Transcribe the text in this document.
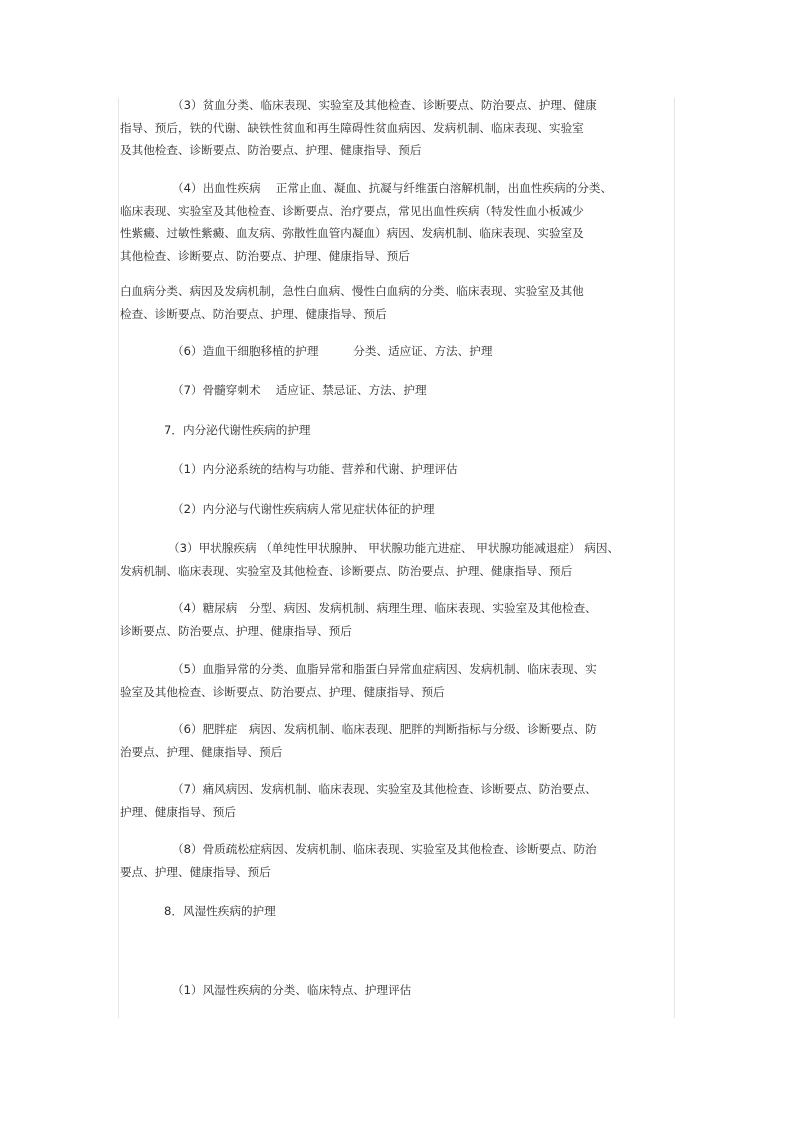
（3）贫血分类、临床表现、实验室及其他检查、诊断要点、防治要点、护理、健康
指导、预后，铁的代谢、缺铁性贫血和再生障碍性贫血病因、发病机制、临床表现、实验室
及其他检查、诊断要点、防治要点、护理、健康指导、预后
（4）出血性疾病　 正常止血、凝血、抗凝与纤维蛋白溶解机制，出血性疾病的分类、
临床表现、实验室及其他检查、诊断要点、治疗要点，常见出血性疾病（特发性血小板减少
性紫癜、过敏性紫癜、血友病、弥散性血管内凝血）病因、发病机制、临床表现、实验室及
其他检查、诊断要点、防治要点、护理、健康指导、预后
白血病分类、病因及发病机制，急性白血病、慢性白血病的分类、临床表现、实验室及其他
检查、诊断要点、防治要点、护理、健康指导、预后
（6）造血干细胞移植的护理　　　分类、适应证、方法、护理
（7）骨髓穿刺术　 适应证、禁忌证、方法、护理
7．内分泌代谢性疾病的护理
（1）内分泌系统的结构与功能、营养和代谢、护理评估
（2）内分泌与代谢性疾病病人常见症状体征的护理
（3）甲状腺疾病 （单纯性甲状腺肿、 甲状腺功能亢进症、 甲状腺功能减退症） 病因、
发病机制、临床表现、实验室及其他检查、诊断要点、防治要点、护理、健康指导、预后
（4）糖尿病　分型、病因、发病机制、病理生理、临床表现、实验室及其他检查、
诊断要点、防治要点、护理、健康指导、预后
（5）血脂异常的分类、血脂异常和脂蛋白异常血症病因、发病机制、临床表现、实
验室及其他检查、诊断要点、防治要点、护理、健康指导、预后
（6）肥胖症　病因、发病机制、临床表现、肥胖的判断指标与分级、诊断要点、防
治要点、护理、健康指导、预后
（7）痛风病因、发病机制、临床表现、实验室及其他检查、诊断要点、防治要点、
护理、健康指导、预后
（8）骨质疏松症病因、发病机制、临床表现、实验室及其他检查、诊断要点、防治
要点、护理、健康指导、预后
8．风湿性疾病的护理
（1）风湿性疾病的分类、临床特点、护理评估
